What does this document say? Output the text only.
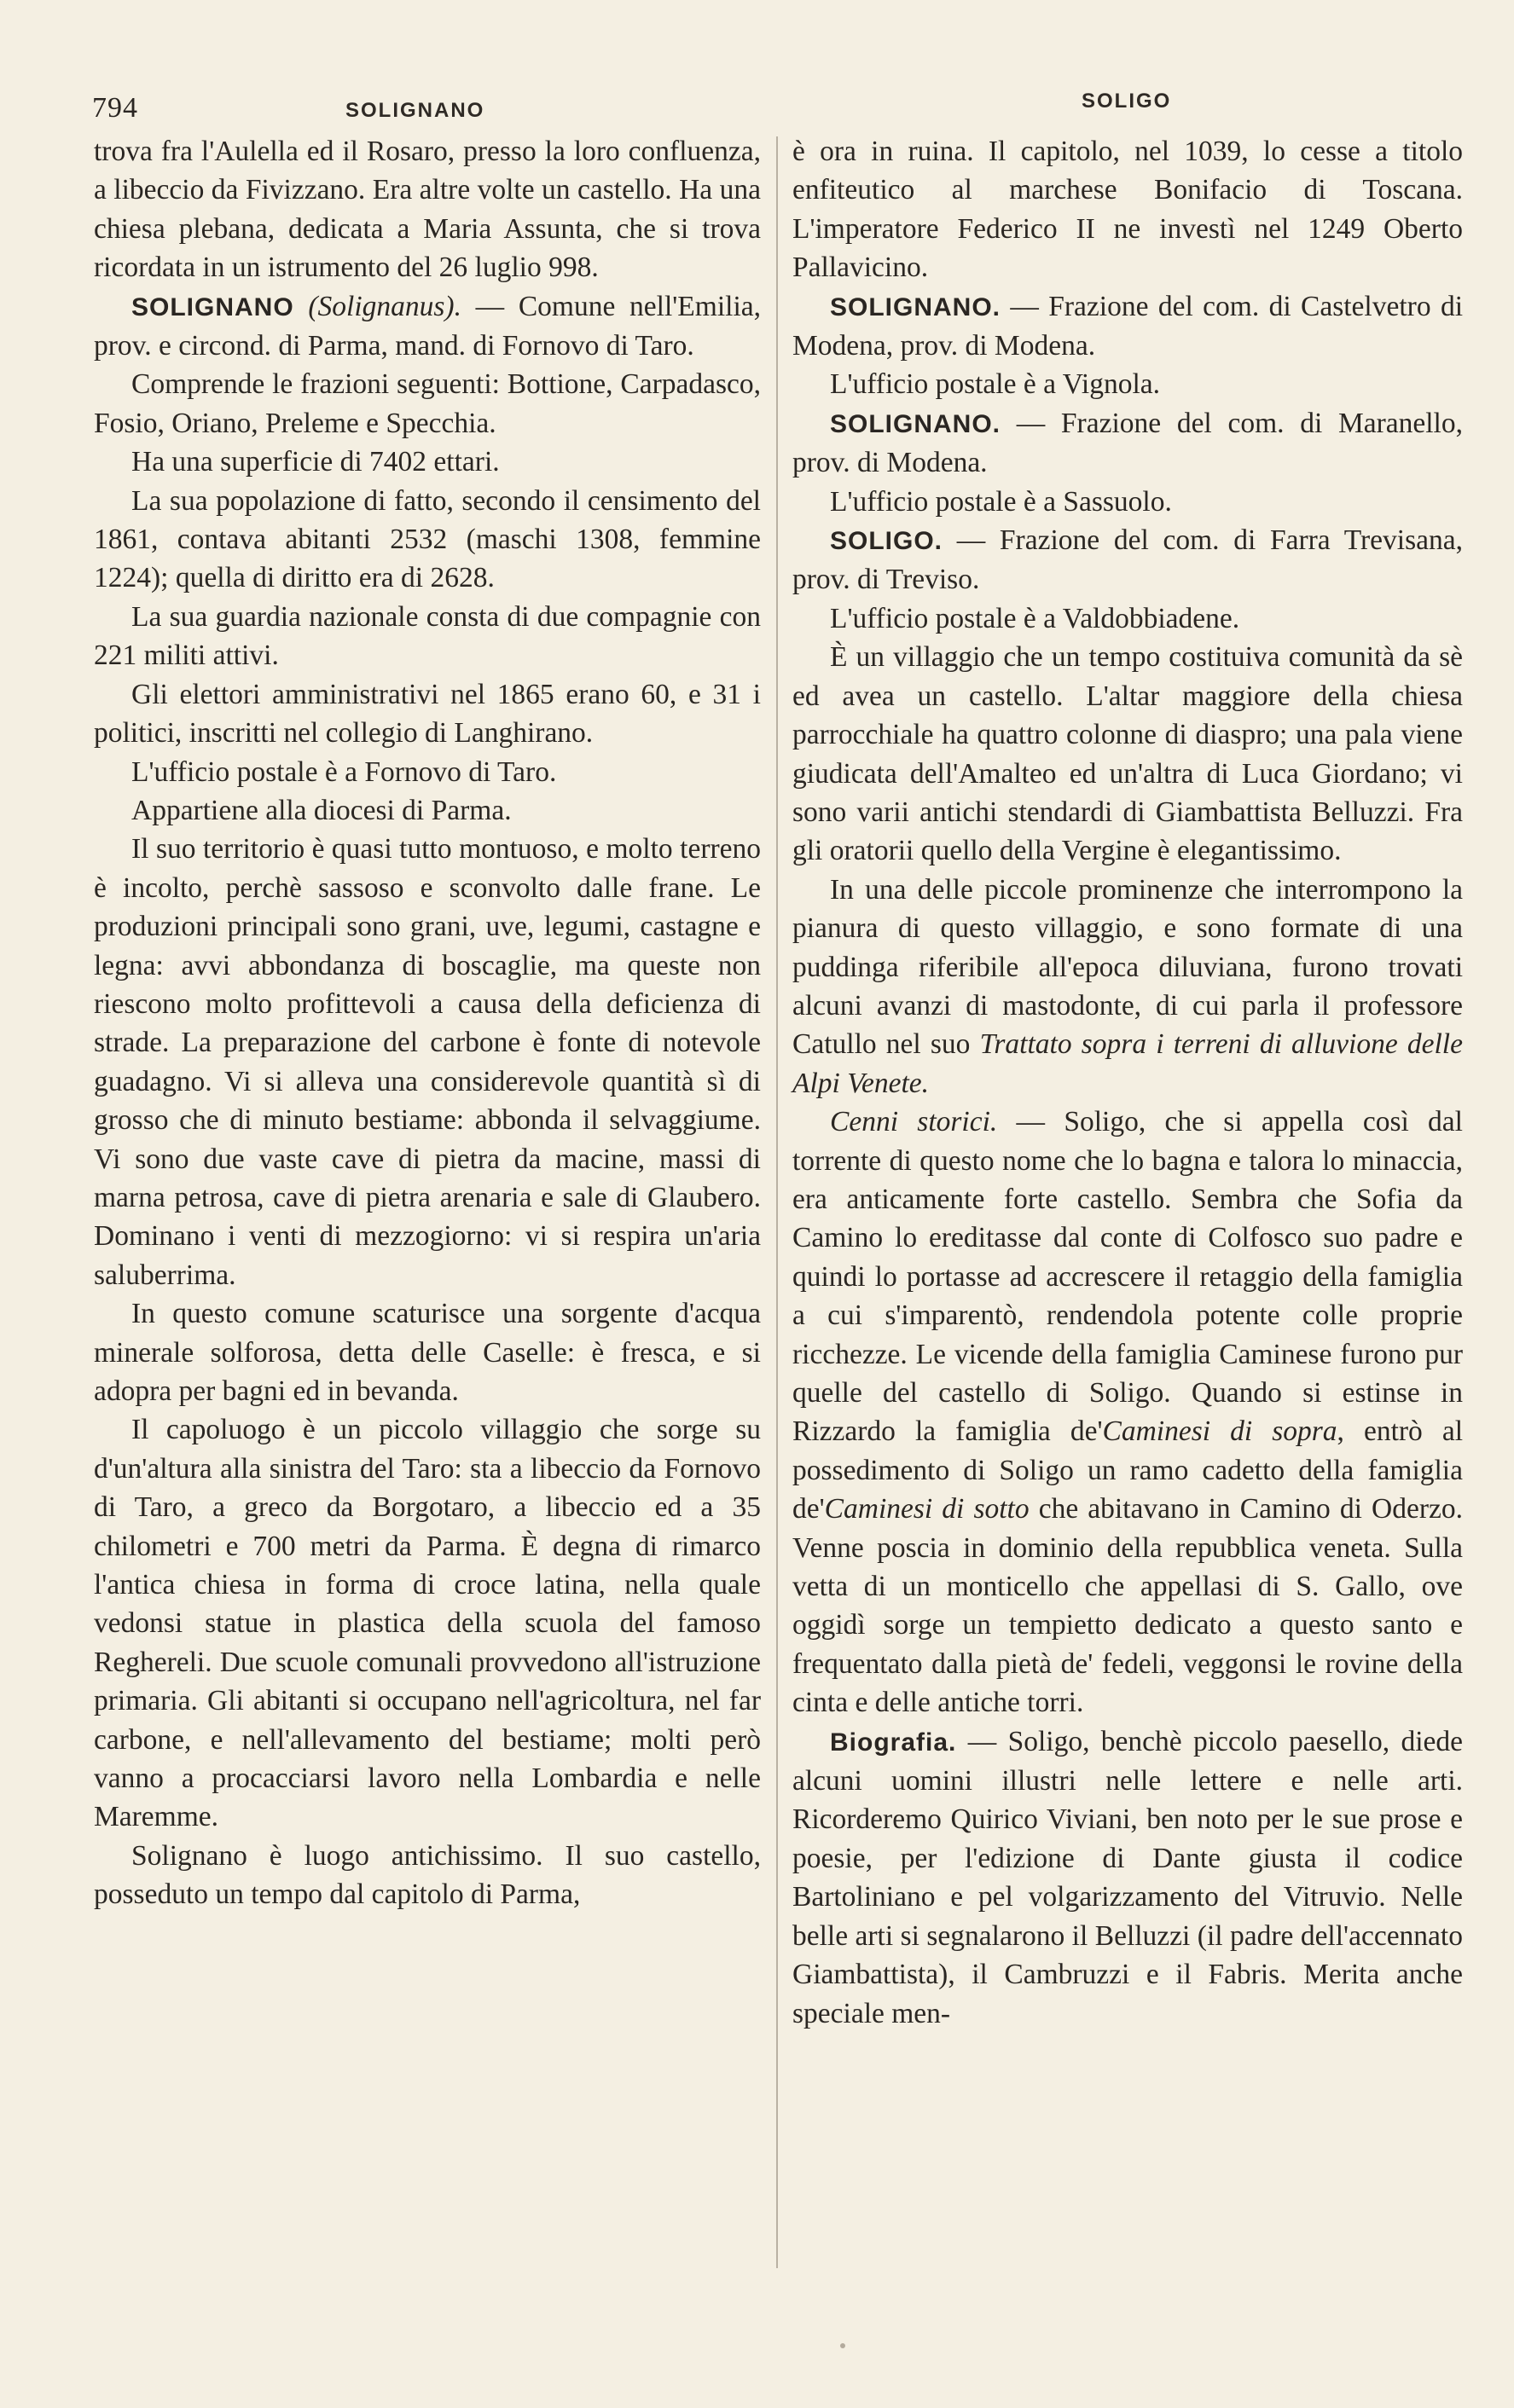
794	SOLIGNANO	SOLIGO

trova fra l'Aulella ed il Rosaro, presso la loro confluenza, a libeccio da Fivizzano. Era altre volte un castello. Ha una chiesa plebana, dedicata a Maria Assunta, che si trova ricordata in un istrumento del 26 luglio 998.

SOLIGNANO (Solignanus). — Comune nell'Emilia, prov. e circond. di Parma, mand. di Fornovo di Taro.

Comprende le frazioni seguenti: Bottione, Carpadasco, Fosio, Oriano, Preleme e Specchia.

Ha una superficie di 7402 ettari.

La sua popolazione di fatto, secondo il censimento del 1861, contava abitanti 2532 (maschi 1308, femmine 1224); quella di diritto era di 2628.

La sua guardia nazionale consta di due compagnie con 221 militi attivi.

Gli elettori amministrativi nel 1865 erano 60, e 31 i politici, inscritti nel collegio di Langhirano.

L'ufficio postale è a Fornovo di Taro.

Appartiene alla diocesi di Parma.

Il suo territorio è quasi tutto montuoso, e molto terreno è incolto, perchè sassoso e sconvolto dalle frane. Le produzioni principali sono grani, uve, legumi, castagne e legna: avvi abbondanza di boscaglie, ma queste non riescono molto profittevoli a causa della deficienza di strade. La preparazione del carbone è fonte di notevole guadagno. Vi si alleva una considerevole quantità sì di grosso che di minuto bestiame: abbonda il selvaggiume. Vi sono due vaste cave di pietra da macine, massi di marna petrosa, cave di pietra arenaria e sale di Glaubero. Dominano i venti di mezzogiorno: vi si respira un'aria saluberrima.

In questo comune scaturisce una sorgente d'acqua minerale solforosa, detta delle Caselle: è fresca, e si adopra per bagni ed in bevanda.

Il capoluogo è un piccolo villaggio che sorge su d'un'altura alla sinistra del Taro: sta a libeccio da Fornovo di Taro, a greco da Borgotaro, a libeccio ed a 35 chilometri e 700 metri da Parma. È degna di rimarco l'antica chiesa in forma di croce latina, nella quale vedonsi statue in plastica della scuola del famoso Reghereli. Due scuole comunali provvedono all'istruzione primaria. Gli abitanti si occupano nell'agricoltura, nel far carbone, e nell'allevamento del bestiame; molti però vanno a procacciarsi lavoro nella Lombardia e nelle Maremme.

Solignano è luogo antichissimo. Il suo castello, posseduto un tempo dal capitolo di Parma,

è ora in ruina. Il capitolo, nel 1039, lo cesse a titolo enfiteutico al marchese Bonifacio di Toscana. L'imperatore Federico II ne investì nel 1249 Oberto Pallavicino.

SOLIGNANO. — Frazione del com. di Castelvetro di Modena, prov. di Modena.

L'ufficio postale è a Vignola.

SOLIGNANO. — Frazione del com. di Maranello, prov. di Modena.

L'ufficio postale è a Sassuolo.

SOLIGO. — Frazione del com. di Farra Trevisana, prov. di Treviso.

L'ufficio postale è a Valdobbiadene.

È un villaggio che un tempo costituiva comunità da sè ed avea un castello. L'altar maggiore della chiesa parrocchiale ha quattro colonne di diaspro; una pala viene giudicata dell'Amalteo ed un'altra di Luca Giordano; vi sono varii antichi stendardi di Giambattista Belluzzi. Fra gli oratorii quello della Vergine è elegantissimo.

In una delle piccole prominenze che interrompono la pianura di questo villaggio, e sono formate di una puddinga riferibile all'epoca diluviana, furono trovati alcuni avanzi di mastodonte, di cui parla il professore Catullo nel suo Trattato sopra i terreni di alluvione delle Alpi Venete.

Cenni storici. — Soligo, che si appella così dal torrente di questo nome che lo bagna e talora lo minaccia, era anticamente forte castello. Sembra che Sofia da Camino lo ereditasse dal conte di Colfosco suo padre e quindi lo portasse ad accrescere il retaggio della famiglia a cui s'imparentò, rendendola potente colle proprie ricchezze. Le vicende della famiglia Caminese furono pur quelle del castello di Soligo. Quando si estinse in Rizzardo la famiglia de'Caminesi di sopra, entrò al possedimento di Soligo un ramo cadetto della famiglia de'Caminesi di sotto che abitavano in Camino di Oderzo. Venne poscia in dominio della repubblica veneta. Sulla vetta di un monticello che appellasi di S. Gallo, ove oggidì sorge un tempietto dedicato a questo santo e frequentato dalla pietà de' fedeli, veggonsi le rovine della cinta e delle antiche torri.

Biografia. — Soligo, benchè piccolo paesello, diede alcuni uomini illustri nelle lettere e nelle arti. Ricorderemo Quirico Viviani, ben noto per le sue prose e poesie, per l'edizione di Dante giusta il codice Bartoliniano e pel volgarizzamento del Vitruvio. Nelle belle arti si segnalarono il Belluzzi (il padre dell'accennato Giambattista), il Cambruzzi e il Fabris. Merita anche speciale men-
